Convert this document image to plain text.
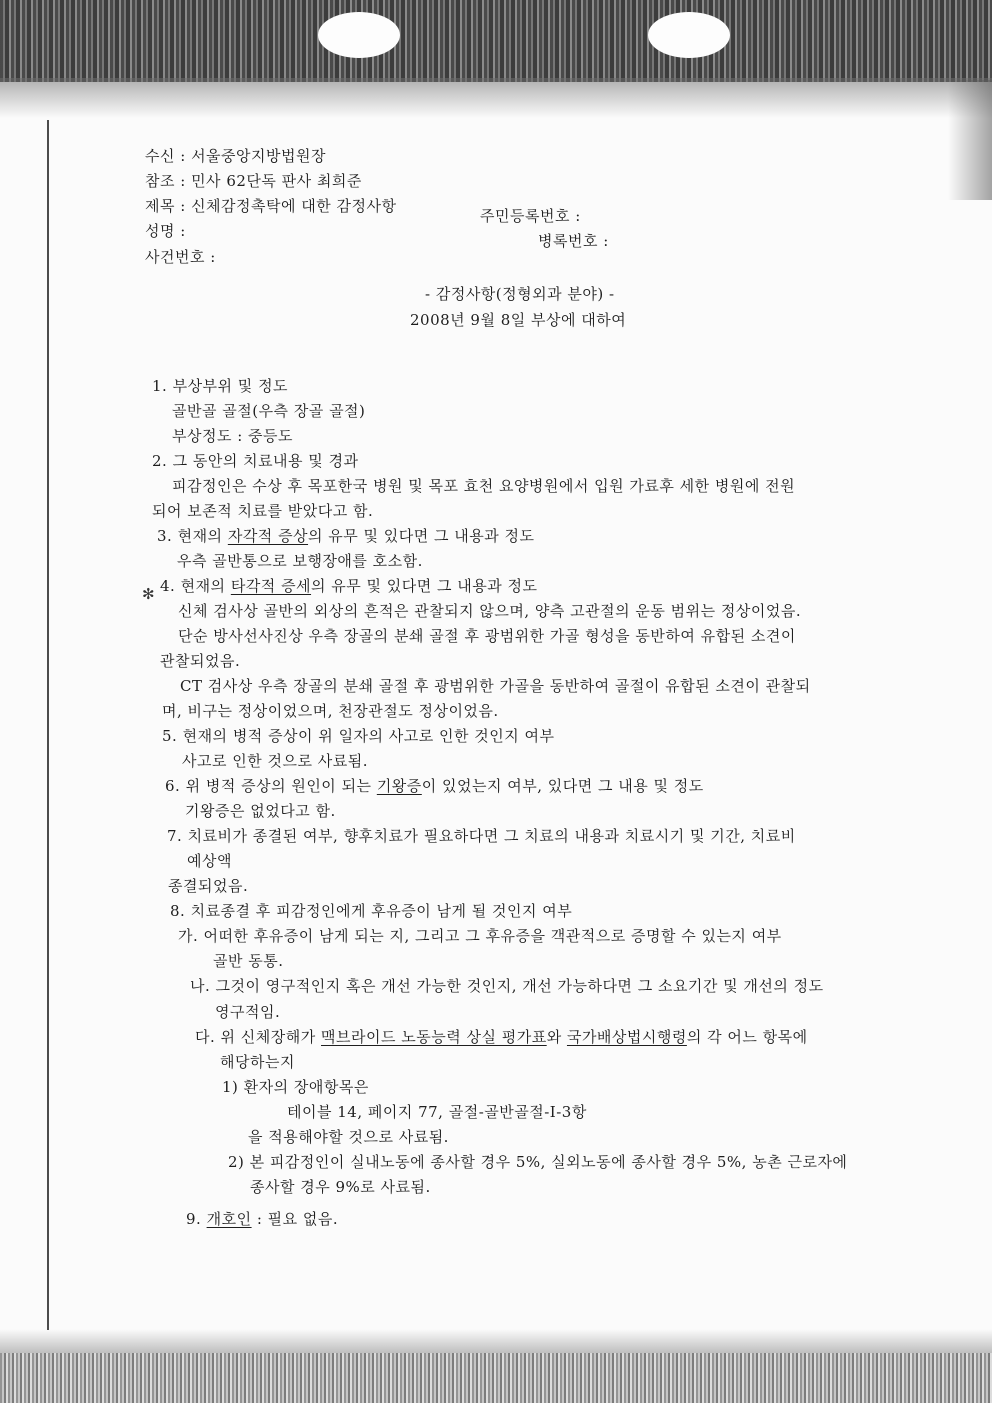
수신 : 서울중앙지방법원장
참조 : 민사 62단독 판사 최희준
제목 : 신체감정촉탁에 대한 감정사항
주민등록번호 :
성명 :
병록번호 :
사건번호 :
- 감정사항(정형외과 분야) -
2008년 9월 8일 부상에 대하여
1. 부상부위 및 정도
골반골 골절(우측 장골 골절)
부상정도 : 중등도
2. 그 동안의 치료내용 및 경과
피감정인은 수상 후 목포한국 병원 및 목포 효천 요양병원에서 입원 가료후 세한 병원에 전원
되어 보존적 치료를 받았다고 함.
3. 현재의 자각적 증상의 유무 및 있다면 그 내용과 정도
우측 골반통으로 보행장애를 호소함.
✻ 4. 현재의 타각적 증세의 유무 및 있다면 그 내용과 정도
신체 검사상 골반의 외상의 흔적은 관찰되지 않으며, 양측 고관절의 운동 범위는 정상이었음.
단순 방사선사진상 우측 장골의 분쇄 골절 후 광범위한 가골 형성을 동반하여 유합된 소견이
관찰되었음.
CT 검사상 우측 장골의 분쇄 골절 후 광범위한 가골을 동반하여 골절이 유합된 소견이 관찰되
며, 비구는 정상이었으며, 천장관절도 정상이었음.
5. 현재의 병적 증상이 위 일자의 사고로 인한 것인지 여부
사고로 인한 것으로 사료됨.
6. 위 병적 증상의 원인이 되는 기왕증이 있었는지 여부, 있다면 그 내용 및 정도
기왕증은 없었다고 함.
7. 치료비가 종결된 여부, 향후치료가 필요하다면 그 치료의 내용과 치료시기 및 기간, 치료비
예상액
종결되었음.
8. 치료종결 후 피감정인에게 후유증이 남게 될 것인지 여부
가. 어떠한 후유증이 남게 되는 지, 그리고 그 후유증을 객관적으로 증명할 수 있는지 여부
골반 동통.
나. 그것이 영구적인지 혹은 개선 가능한 것인지, 개선 가능하다면 그 소요기간 및 개선의 정도
영구적임.
다. 위 신체장해가 맥브라이드 노동능력 상실 평가표와 국가배상법시행령의 각 어느 항목에
해당하는지
1) 환자의 장애항목은
테이블 14, 페이지 77, 골절-골반골절-I-3항
을 적용해야할 것으로 사료됨.
2) 본 피감정인이 실내노동에 종사할 경우 5%, 실외노동에 종사할 경우 5%, 농촌 근로자에
종사할 경우 9%로 사료됨.
9. 개호인 : 필요 없음.
